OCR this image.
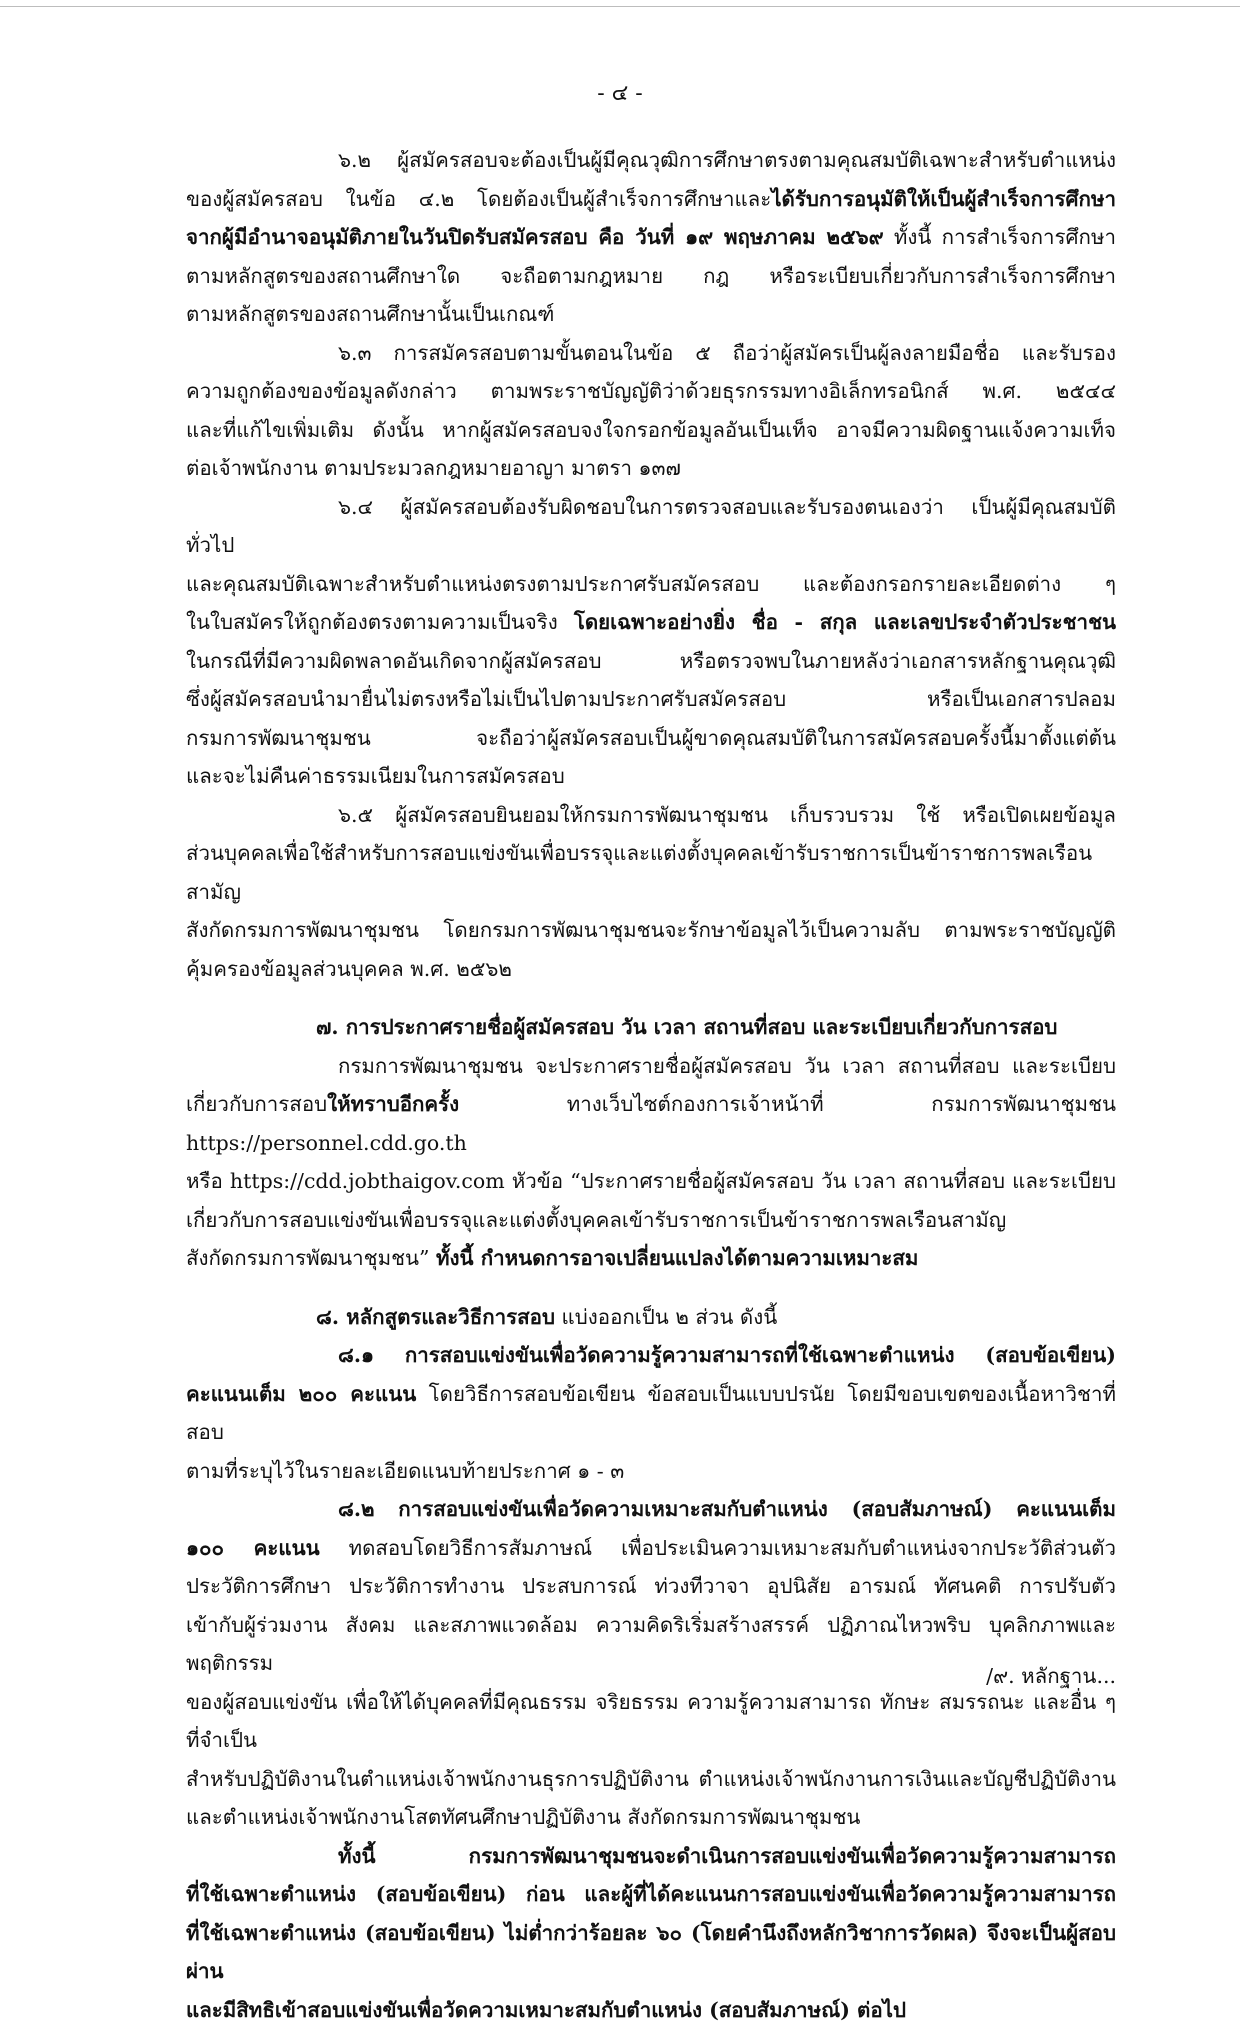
- ๔ -
๖.๒ ผู้สมัครสอบจะต้องเป็นผู้มีคุณวุฒิการศึกษาตรงตามคุณสมบัติเฉพาะสำหรับตำแหน่ง
ของผู้สมัครสอบ ในข้อ ๔.๒ โดยต้องเป็นผู้สำเร็จการศึกษาและได้รับการอนุมัติให้เป็นผู้สำเร็จการศึกษา
จากผู้มีอำนาจอนุมัติภายในวันปิดรับสมัครสอบ คือ วันที่ ๑๙ พฤษภาคม ๒๕๖๙ ทั้งนี้ การสำเร็จการศึกษา
ตามหลักสูตรของสถานศึกษาใด จะถือตามกฎหมาย กฎ หรือระเบียบเกี่ยวกับการสำเร็จการศึกษา
ตามหลักสูตรของสถานศึกษานั้นเป็นเกณฑ์
๖.๓ การสมัครสอบตามขั้นตอนในข้อ ๕ ถือว่าผู้สมัครเป็นผู้ลงลายมือชื่อ และรับรอง
ความถูกต้องของข้อมูลดังกล่าว ตามพระราชบัญญัติว่าด้วยธุรกรรมทางอิเล็กทรอนิกส์ พ.ศ. ๒๕๔๔
และที่แก้ไขเพิ่มเติม ดังนั้น หากผู้สมัครสอบจงใจกรอกข้อมูลอันเป็นเท็จ อาจมีความผิดฐานแจ้งความเท็จ
ต่อเจ้าพนักงาน ตามประมวลกฎหมายอาญา มาตรา ๑๓๗
๖.๔ ผู้สมัครสอบต้องรับผิดชอบในการตรวจสอบและรับรองตนเองว่า เป็นผู้มีคุณสมบัติทั่วไป
และคุณสมบัติเฉพาะสำหรับตำแหน่งตรงตามประกาศรับสมัครสอบ และต้องกรอกรายละเอียดต่าง ๆ
ในใบสมัครให้ถูกต้องตรงตามความเป็นจริง โดยเฉพาะอย่างยิ่ง ชื่อ - สกุล และเลขประจำตัวประชาชน
ในกรณีที่มีความผิดพลาดอันเกิดจากผู้สมัครสอบ หรือตรวจพบในภายหลังว่าเอกสารหลักฐานคุณวุฒิ
ซึ่งผู้สมัครสอบนำมายื่นไม่ตรงหรือไม่เป็นไปตามประกาศรับสมัครสอบ หรือเป็นเอกสารปลอม
กรมการพัฒนาชุมชน จะถือว่าผู้สมัครสอบเป็นผู้ขาดคุณสมบัติในการสมัครสอบครั้งนี้มาตั้งแต่ต้น
และจะไม่คืนค่าธรรมเนียมในการสมัครสอบ
๖.๕ ผู้สมัครสอบยินยอมให้กรมการพัฒนาชุมชน เก็บรวบรวม ใช้ หรือเปิดเผยข้อมูล
ส่วนบุคคลเพื่อใช้สำหรับการสอบแข่งขันเพื่อบรรจุและแต่งตั้งบุคคลเข้ารับราชการเป็นข้าราชการพลเรือนสามัญ
สังกัดกรมการพัฒนาชุมชน โดยกรมการพัฒนาชุมชนจะรักษาข้อมูลไว้เป็นความลับ ตามพระราชบัญญัติ
คุ้มครองข้อมูลส่วนบุคคล พ.ศ. ๒๕๖๒
๗. การประกาศรายชื่อผู้สมัครสอบ วัน เวลา สถานที่สอบ และระเบียบเกี่ยวกับการสอบ
กรมการพัฒนาชุมชน จะประกาศรายชื่อผู้สมัครสอบ วัน เวลา สถานที่สอบ และระเบียบ
เกี่ยวกับการสอบให้ทราบอีกครั้ง ทางเว็บไซต์กองการเจ้าหน้าที่ กรมการพัฒนาชุมชน https://personnel.cdd.go.th
หรือ https://cdd.jobthaigov.com หัวข้อ “ประกาศรายชื่อผู้สมัครสอบ วัน เวลา สถานที่สอบ และระเบียบ
เกี่ยวกับการสอบแข่งขันเพื่อบรรจุและแต่งตั้งบุคคลเข้ารับราชการเป็นข้าราชการพลเรือนสามัญ
สังกัดกรมการพัฒนาชุมชน” ทั้งนี้ กำหนดการอาจเปลี่ยนแปลงได้ตามความเหมาะสม
๘. หลักสูตรและวิธีการสอบ แบ่งออกเป็น ๒ ส่วน ดังนี้
๘.๑ การสอบแข่งขันเพื่อวัดความรู้ความสามารถที่ใช้เฉพาะตำแหน่ง (สอบข้อเขียน)
คะแนนเต็ม ๒๐๐ คะแนน โดยวิธีการสอบข้อเขียน ข้อสอบเป็นแบบปรนัย โดยมีขอบเขตของเนื้อหาวิชาที่สอบ
ตามที่ระบุไว้ในรายละเอียดแนบท้ายประกาศ ๑ - ๓
๘.๒ การสอบแข่งขันเพื่อวัดความเหมาะสมกับตำแหน่ง (สอบสัมภาษณ์) คะแนนเต็ม
๑๐๐ คะแนน ทดสอบโดยวิธีการสัมภาษณ์ เพื่อประเมินความเหมาะสมกับตำแหน่งจากประวัติส่วนตัว
ประวัติการศึกษา ประวัติการทำงาน ประสบการณ์ ท่วงทีวาจา อุปนิสัย อารมณ์ ทัศนคติ การปรับตัว
เข้ากับผู้ร่วมงาน สังคม และสภาพแวดล้อม ความคิดริเริ่มสร้างสรรค์ ปฏิภาณไหวพริบ บุคลิกภาพและพฤติกรรม
ของผู้สอบแข่งขัน เพื่อให้ได้บุคคลที่มีคุณธรรม จริยธรรม ความรู้ความสามารถ ทักษะ สมรรถนะ และอื่น ๆ ที่จำเป็น
สำหรับปฏิบัติงานในตำแหน่งเจ้าพนักงานธุรการปฏิบัติงาน ตำแหน่งเจ้าพนักงานการเงินและบัญชีปฏิบัติงาน
และตำแหน่งเจ้าพนักงานโสตทัศนศึกษาปฏิบัติงาน สังกัดกรมการพัฒนาชุมชน
ทั้งนี้ กรมการพัฒนาชุมชนจะดำเนินการสอบแข่งขันเพื่อวัดความรู้ความสามารถ
ที่ใช้เฉพาะตำแหน่ง (สอบข้อเขียน) ก่อน และผู้ที่ได้คะแนนการสอบแข่งขันเพื่อวัดความรู้ความสามารถ
ที่ใช้เฉพาะตำแหน่ง (สอบข้อเขียน) ไม่ต่ำกว่าร้อยละ ๖๐ (โดยคำนึงถึงหลักวิชาการวัดผล) จึงจะเป็นผู้สอบผ่าน
และมีสิทธิเข้าสอบแข่งขันเพื่อวัดความเหมาะสมกับตำแหน่ง (สอบสัมภาษณ์) ต่อไป
/๙. หลักฐาน...
